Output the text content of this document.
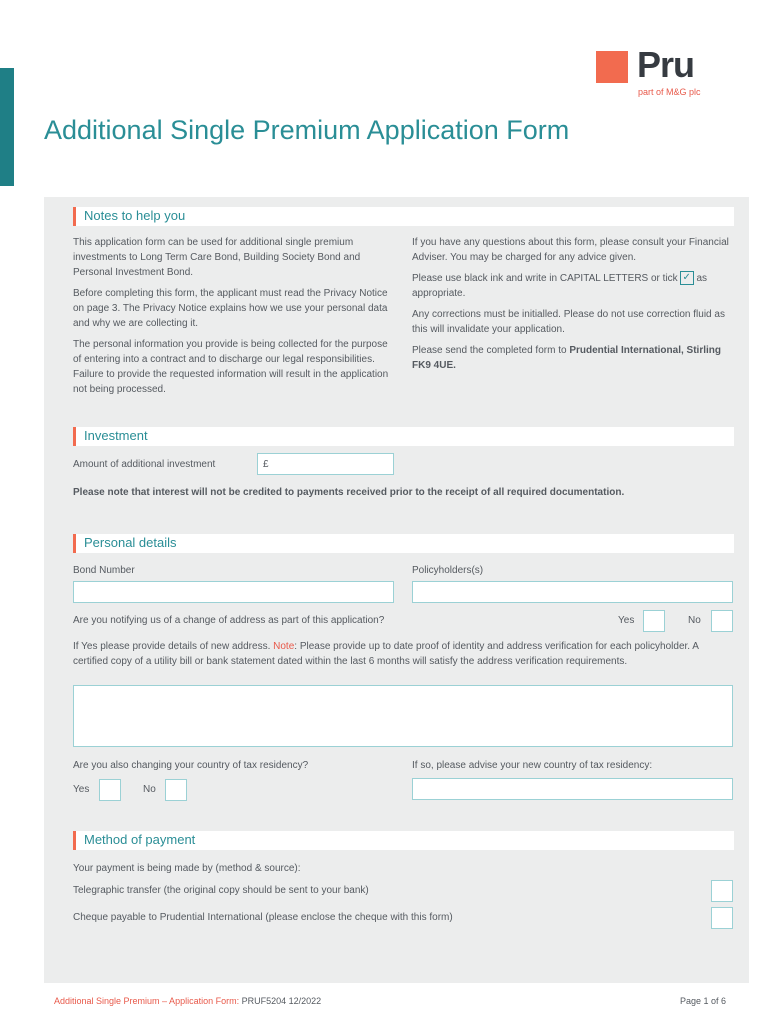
Pru
part of M&G plc
Additional Single Premium Application Form
Notes to help you

This application form can be used for additional single premium investments to Long Term Care Bond, Building Society Bond and Personal Investment Bond.

Before completing this form, the applicant must read the Privacy Notice on page 3. The Privacy Notice explains how we use your personal data and why we are collecting it.

The personal information you provide is being collected for the purpose of entering into a contract and to discharge our legal responsibilities. Failure to provide the requested information will result in the application not being processed.

If you have any questions about this form, please consult your Financial Adviser. You may be charged for any advice given.

Please use black ink and write in CAPITAL LETTERS or tick ✓ as appropriate.

Any corrections must be initialled. Please do not use correction fluid as this will invalidate your application.

Please send the completed form to Prudential International, Stirling FK9 4UE.

Investment
Amount of additional investment	£
Please note that interest will not be credited to payments received prior to the receipt of all required documentation.
Personal details
Bond Number	Policyholders(s)
Are you notifying us of a change of address as part of this application?	Yes	No
If Yes please provide details of new address. Note: Please provide up to date proof of identity and address verification for each policyholder. A certified copy of a utility bill or bank statement dated within the last 6 months will satisfy the address verification requirements.
Are you also changing your country of tax residency?	If so, please advise your new country of tax residency:
Yes	No
Method of payment
Your payment is being made by (method & source):
Telegraphic transfer (the original copy should be sent to your bank)
Cheque payable to Prudential International (please enclose the cheque with this form)
Additional Single Premium – Application Form: PRUF5204 12/2022	Page 1 of 6
